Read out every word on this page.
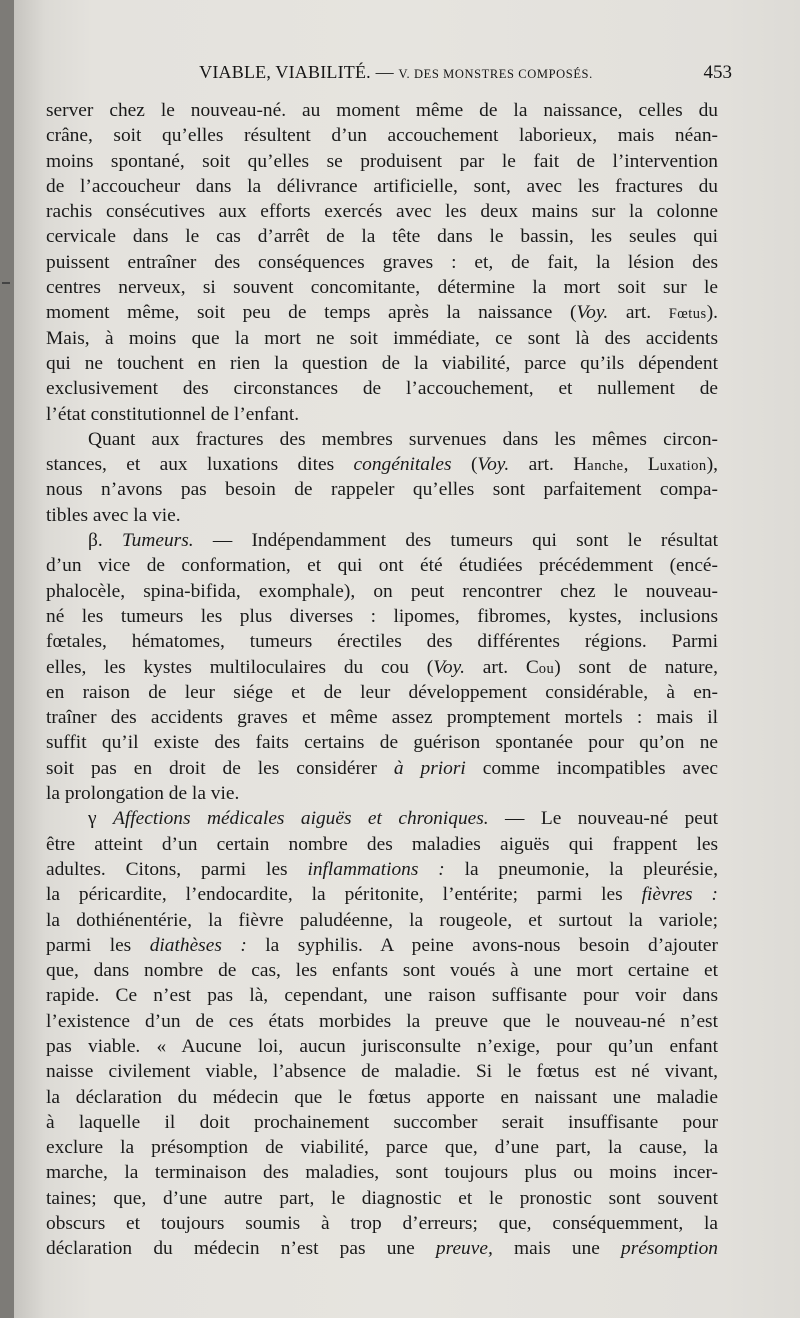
VIABLE, VIABILITÉ. — V. DES MONSTRES COMPOSÉS.	453
server chez le nouveau-né. au moment même de la naissance, celles du
crâne, soit qu’elles résultent d’un accouchement laborieux, mais néan-
moins spontané, soit qu’elles se produisent par le fait de l’intervention
de l’accoucheur dans la délivrance artificielle, sont, avec les fractures du
rachis consécutives aux efforts exercés avec les deux mains sur la colonne
cervicale dans le cas d’arrêt de la tête dans le bassin, les seules qui
puissent entraîner des conséquences graves : et, de fait, la lésion des
centres nerveux, si souvent concomitante, détermine la mort soit sur le
moment même, soit peu de temps après la naissance (Voy. art. Fœtus).
Mais, à moins que la mort ne soit immédiate, ce sont là des accidents
qui ne touchent en rien la question de la viabilité, parce qu’ils dépendent
exclusivement des circonstances de l’accouchement, et nullement de
l’état constitutionnel de l’enfant.
Quant aux fractures des membres survenues dans les mêmes circon-
stances, et aux luxations dites congénitales (Voy. art. Hanche, Luxation),
nous n’avons pas besoin de rappeler qu’elles sont parfaitement compa-
tibles avec la vie.
β. Tumeurs. — Indépendamment des tumeurs qui sont le résultat
d’un vice de conformation, et qui ont été étudiées précédemment (encé-
phalocèle, spina-bifida, exomphale), on peut rencontrer chez le nouveau-
né les tumeurs les plus diverses : lipomes, fibromes, kystes, inclusions
fœtales, hématomes, tumeurs érectiles des différentes régions. Parmi
elles, les kystes multiloculaires du cou (Voy. art. Cou) sont de nature,
en raison de leur siége et de leur développement considérable, à en-
traîner des accidents graves et même assez promptement mortels : mais il
suffit qu’il existe des faits certains de guérison spontanée pour qu’on ne
soit pas en droit de les considérer à priori comme incompatibles avec
la prolongation de la vie.
γ Affections médicales aiguës et chroniques. — Le nouveau-né peut
être atteint d’un certain nombre des maladies aiguës qui frappent les
adultes. Citons, parmi les inflammations : la pneumonie, la pleurésie,
la péricardite, l’endocardite, la péritonite, l’entérite; parmi les fièvres :
la dothiénentérie, la fièvre paludéenne, la rougeole, et surtout la variole;
parmi les diathèses : la syphilis. A peine avons-nous besoin d’ajouter
que, dans nombre de cas, les enfants sont voués à une mort certaine et
rapide. Ce n’est pas là, cependant, une raison suffisante pour voir dans
l’existence d’un de ces états morbides la preuve que le nouveau-né n’est
pas viable. « Aucune loi, aucun jurisconsulte n’exige, pour qu’un enfant
naisse civilement viable, l’absence de maladie. Si le fœtus est né vivant,
la déclaration du médecin que le fœtus apporte en naissant une maladie
à laquelle il doit prochainement succomber serait insuffisante pour
exclure la présomption de viabilité, parce que, d’une part, la cause, la
marche, la terminaison des maladies, sont toujours plus ou moins incer-
taines; que, d’une autre part, le diagnostic et le pronostic sont souvent
obscurs et toujours soumis à trop d’erreurs; que, conséquemment, la
déclaration du médecin n’est pas une preuve, mais une présomption
